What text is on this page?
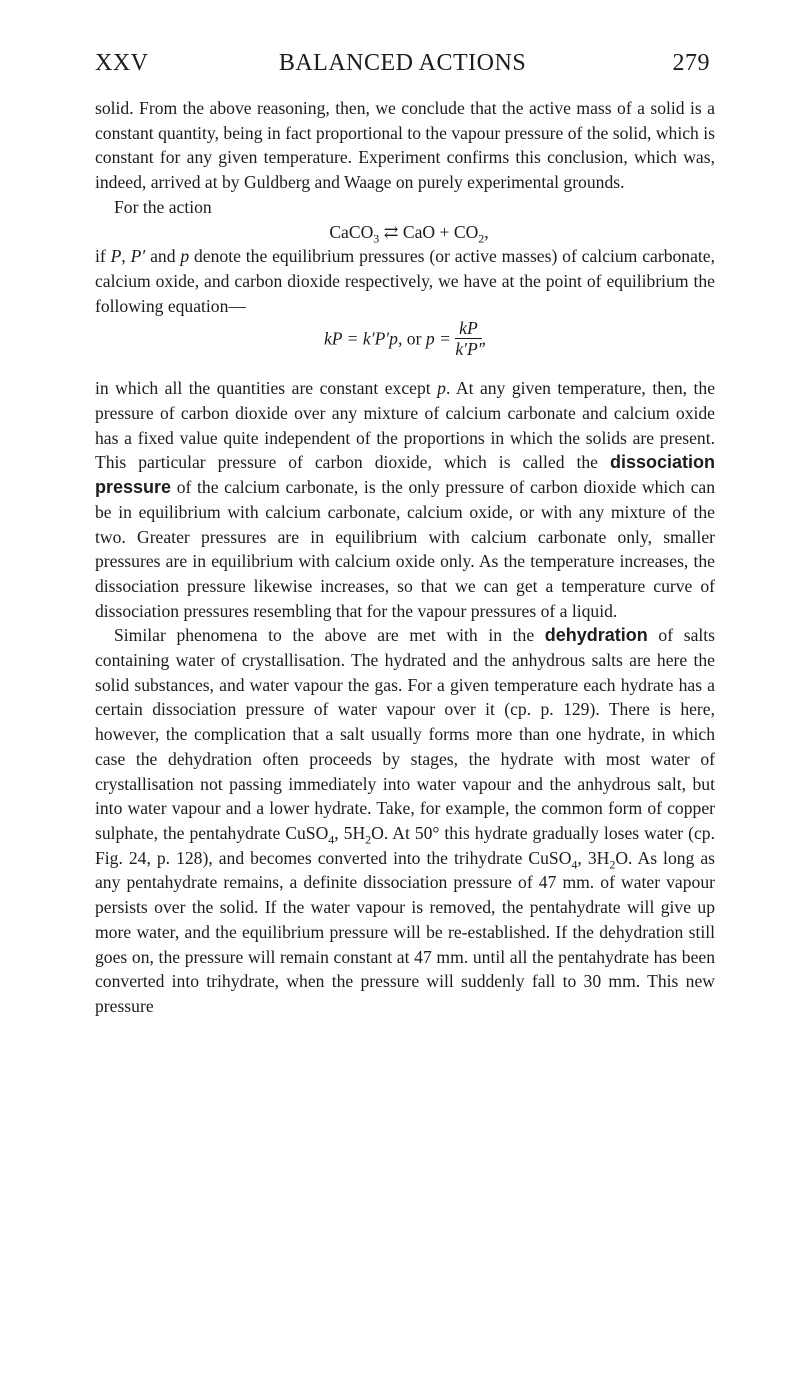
XXV	BALANCED ACTIONS	279

solid. From the above reasoning, then, we conclude that the active mass of a solid is a constant quantity, being in fact proportional to the vapour pressure of the solid, which is constant for any given temperature. Experiment confirms this conclusion, which was, indeed, arrived at by Guldberg and Waage on purely experimental grounds.

For the action

CaCO$_3$ ⇄ CaO + $CO_2$,

if P, P′ and p denote the equilibrium pressures (or active masses) of calcium carbonate, calcium oxide, and carbon dioxide respectively, we have at the point of equilibrium the following equation—

kP = k′P′p, or $p = \frac{kP}{k'P'}$ ,

in which all the quantities are constant except p. At any given temperature, then, the pressure of carbon dioxide over any mixture of calcium carbonate and calcium oxide has a fixed value quite independent of the proportions in which the solids are present. This particular pressure of carbon dioxide, which is called the dissociation pressure of the calcium carbonate, is the only pressure of carbon dioxide which can be in equilibrium with calcium carbonate, calcium oxide, or with any mixture of the two. Greater pressures are in equilibrium with calcium carbonate only, smaller pressures are in equilibrium with calcium oxide only. As the temperature increases, the dissociation pressure likewise increases, so that we can get a temperature curve of dissociation pressures resembling that for the vapour pressures of a liquid.

Similar phenomena to the above are met with in the dehydration of salts containing water of crystallisation. The hydrated and the anhydrous salts are here the solid substances, and water vapour the gas. For a given temperature each hydrate has a certain dissociation pressure of water vapour over it (cp. p. 129). There is here, however, the complication that a salt usually forms more than one hydrate, in which case the dehydration often proceeds by stages, the hydrate with most water of crystallisation not passing immediately into water vapour and the anhydrous salt, but into water vapour and a lower hydrate. Take, for example, the common form of copper sulphate, the pentahydrate CuSO$_4$, $5H_2O$. At 50° this hydrate gradually loses water (cp. Fig. 24, p. 128), and becomes converted into the trihydrate CuSO$_4$, $3H_2O$. As long as any pentahydrate remains, a definite dissociation pressure of 47 mm. of water vapour persists over the solid. If the water vapour is removed, the pentahydrate will give up more water, and the equilibrium pressure will be re-established. If the dehydration still goes on, the pressure will remain constant at 47 mm. until all the pentahydrate has been converted into trihydrate, when the pressure will suddenly fall to 30 mm. This new pressure
